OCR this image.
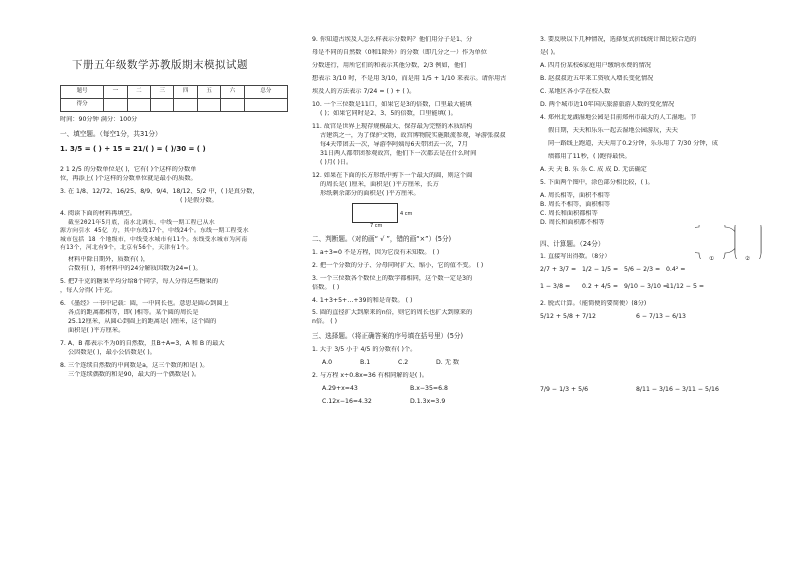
下册五年级数学苏教版期末模拟试题
题号	一	二	三	四	五	六	总分
得分							
时间：90分钟 满分：100分
一、填空题。（每空1分，共31分）
1. 3/5 = ( ) ÷ 15 = 21/( ) = ( )/30 = ( )
2 1 2/5 的分数单位是( )，它有( )个这样的分数单
位，再添上( )个这样的分数单位就是最小的质数。
3. 在 1/8、12/72、16/25、8/9、9/4、18/12、5/2 中，( )是真分数，
( )是假分数。
4. 阅读下面的材料再填空。
截至2021年5月底，南水北调东、中线一期工程已从水
源方向引水 45亿 方，其中东线17个，中线24个。东线一期工程受水
城市包括 18 个地级市，中线受水城市有11个。东线受水城市为河南
有13个，河北有9个，北京有56个，天津有1个。
材料中除日期外，质数有( )，
合数有( )，将材料中的24分解质因数为24=( )。
5. 把7千克的糖果平均分给8个同学，每人分得这些糖果的
，每人分得( )千克。
6. 《墨经》一书中记载：圆，一中同长也。意思是圆心到圆上
各点的距离都相等，即( )相等。某个圆的周长是
25.12厘米，从圆心到圆上的距离是( )厘米，这个圆的
面积是( )平方厘米。
7. A、B 都表示不为0的自然数，且B÷A=3，A 和 B 的最大
公因数是( )，最小公倍数是( )。
8. 三个连续自然数的中间数是a，这三个数的和是( )。
三个连续偶数的和是90，最大的一个偶数是( )。
9. 你知道古埃及人怎么样表示分数吗？他们用分子是1、分
母是不同的自然数（0和1除外）的分数（即几分之一）作为单位
分数进行，用所它们的和表示其他分数，2/3 例如，他们
想表示 3/10 时，不是用 3/10，而是用 1/5 + 1/10 来表示。请你用古
埃及人的方法表示 7/24 = ( ) + ( )。
10. 一个三位数是11口，如果它是3的倍数，口里最大能填
( )；如果它同时是2、3、5的倍数，口里能填( )。
11. 故宫是世界上现存规模最大、保存最为完整的木质结构
古建筑之一，为了保护文物，故宫博物院实施限流参观，导游张叔叔
每4天带团去一次，导游李阿姨每6天带团去一次，7月
31日两人都带团参观故宫，他们下一次都去是在什么时间
( )月( )日。
12. 如果在下面的长方形纸中剪下一个最大的圆，则这个圆
的周长是( )厘米，面积是( )平方厘米，长方
形纸剩余部分的面积是( )平方厘米。
4 cm
7 cm
二、判断题。（对的画“ √ ”，错的画“×”）(5分)
1. a÷3=0 不是方程，因为它没有未知数。 ( )
2. 把一个分数的分子、分母同时扩大、缩小，它的值不变。 ( )
3. 一个三位数各个数位上的数字都相同，这个数一定是3的
倍数。 ( )
4. 1+3+5+…+39的和是奇数。 ( )
5. 圆的直径扩大到原来的n倍，则它的周长也扩大到原来的
n倍。 ( )
三、选择题。（将正确答案的序号填在括号里）(5分)
1. 大于 3/5 小于 4/5 的分数有( )个。
A.0	B.1	C.2	D. 无 数
2. 与方程 x÷0.8x=36 有相同解的是( )。
A.29+x=43	B.x−35=6.8
C.12x−16=4.32	D.1.3x=3.9
3. 要反映以下几种情况，选择复式折线统计图比较合适的
是( )。
A. 四月份某校6家庭用户缴纳水费的情况
B. 赵叔叔近五年来工资收入增长变化情况
C. 某地区各小学在校人数
D. 两个城市近10年国庆旅游旅游人数的变化情况
4. 郑州北龙湖湿地公园是目前郑州市最大的人工湿地。节
假日期，天天和乐乐一起去湿地公园游玩，天天
同一路线上跑道，天天用了0.2分钟，乐乐用了 7/30 分钟，成
绩都用了11秒，( )跑得最快。
A. 天 天 B. 乐 乐 C. 成 成 D. 无法确定
5. 下面两个图中，涂色部分相比较，( )。
A. 周长相等，面积不相等
B. 周长不相等，面积相等
C. 周长和面积都相等
D. 周长和面积都不相等
四、计算题。（24分）
1. 直接写出得数。（8分）
2/7 + 3/7 = 1/2 − 1/5 = 5/6 − 2/3 = 0.4² =
1 − 3/8 = 0.2 + 4/5 = 9/10 − 3/10 =11/12 − 5 =
2. 脱式计算。（能简便的要简便）(8分)
5/12 + 5/8 + 7/12	6 − 7/13 − 6/13
7/9 − 1/3 + 5/6	8/11 − 3/16 − 3/11 − 5/16
①	②
